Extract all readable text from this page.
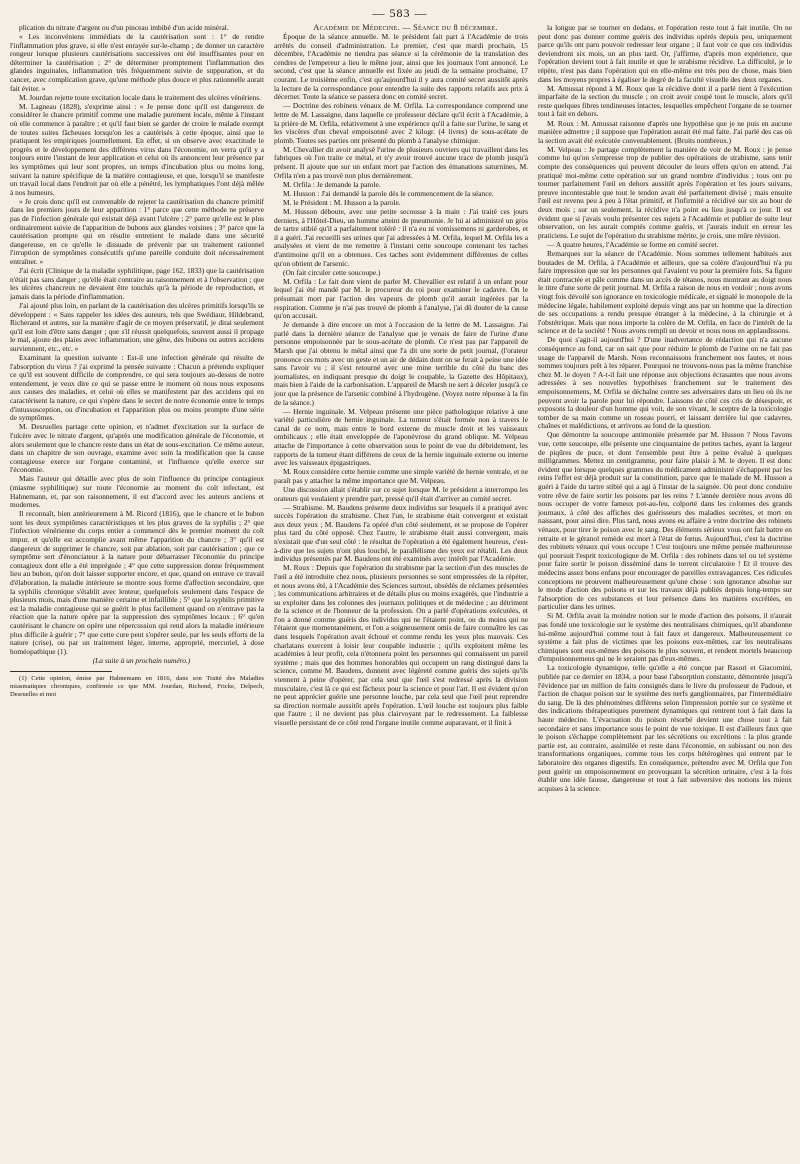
— 583 —

plication du nitrate d'argent ou d'un pinceau imbibé d'un acide minéral.

« Les inconvéniens immédiats de la cautérisation sont : 1° de rendre l'inflammation plus grave, si elle n'est enrayée sur-le-champ ; de donner un caractère rongeur lorsque plusieurs cautérisations successives ont été insuffisantes pour en déterminer la cautérisation ; 2° de déterminer promptement l'inflammation des glandes inguinales, inflammation très fréquemment suivie de suppuration, et du cancer, avec complication grave, qu'une méthode plus douce et plus rationnelle aurait fait éviter. »

M. Jourdan rejette toute excitation locale dans le traitement des ulcères vénériens.

M. Lagneau (1828), s'exprime ainsi : « Je pense donc qu'il est dangereux de considérer le chancre primitif comme une maladie purement locale, même à l'instant où elle commence à paraître ; et qu'il faut bien se garder de croire le malade exempt de toutes suites fâcheuses lorsqu'on les a cautérisés à cette époque, ainsi que le pratiquent les empiriques journellement. En effet, si on observe avec exactitude le progrès et le développement des différens virus dans l'économie, on verra qu'il y a toujours entre l'instant de leur application et celui où ils annoncent leur présence par les symptômes qui leur sont propres, un temps d'incubation plus ou moins long, suivant la nature spécifique de la matière contagieuse, et que, lorsqu'il se manifeste un travail local dans l'endroit par où elle a pénétré, les lymphatiques l'ont déjà mêlée à nos humeurs.

» Je crois donc qu'il est convenable de rejeter la cautérisation du chancre primitif dans les premiers jours de leur apparition : 1° parce que cette méthode ne préserve pas de l'infection générale qui existait déjà avant l'ulcère ; 2° parce qu'elle est le plus ordinairement suivie de l'apparition de bubons aux glandes voisines ; 3° parce que la cautérisation prompte qui en résulte entretient le malade dans une sécurité dangereuse, en ce qu'elle le dissuade de prévenir par un traitement rationnel l'irruption de symptômes consécutifs qu'une pareille conduite doit nécessairement entraîner. »

J'ai écrit (Clinique de la maladie syphilitique, page 162, 1833) que la cautérisation n'était pas sans danger ; qu'elle était contraire au raisonnement et à l'observation ; que les ulcères chancreux ne devaient être touchés qu'à la période de reproduction, et jamais dans la période d'inflammation.

J'ai ajouté plus loin, en parlant de la cautérisation des ulcères primitifs lorsqu'ils se développent : « Sans rappeler les idées des auteurs, tels que Swédiaur, Hildebrand, Richerand et autres, sur la manière d'agir de ce moyen préservatif, je dirai seulement qu'il est loin d'être sans danger ; que s'il réussit quelquefois, souvent aussi il propage le mal, ajoute des plaies avec inflammation, une gêne, des bubons ou autres accidens surviennent, etc., etc. »

Examinant la question suivante : Est-il une infection générale qui résulte de l'absorption du virus ? j'ai exprimé la pensée suivante : Chacun a prétendu expliquer ce qu'il est souvent difficile de comprendre, ce qui sera toujours au-dessus de notre entendement, je veux dire ce qui se passe entre le moment où nous nous exposons aux causes des maladies, et celui où elles se manifestent par des accidens qui en caractérisent la nature, ce qui s'opère dans le secret de notre économie entre le temps d'intussusception, ou d'incubation et l'apparition plus ou moins prompte d'une série de symptômes.

M. Desruelles partage cette opinion, et n'admet d'excitation sur la surface de l'ulcère avec le nitrate d'argent, qu'après une modification générale de l'économie, et alors seulement que le chancre reste dans un état de sous-excitation. Ce même auteur, dans un chapitre de son ouvrage, examine avec soin la modification que la cause contagieuse exerce sur l'organe contaminé, et l'influence qu'elle exerce sur l'économie.

Mais l'auteur qui détaille avec plus de soin l'influence du principe contagieux (miasme syphilitique) sur toute l'économie au moment du coït infectant, est Hahnemann, et, par son raisonnement, il est d'accord avec les auteurs anciens et modernes.

Il reconnaît, bien antérieurement à M. Ricord (1816), que le chancre et le bubon sont les deux symptômes caractéristiques et les plus graves de la syphilis ; 2° que l'infection vénérienne du corps entier a commencé dès le premier moment du coït impur, et qu'elle est accomplie avant même l'apparition du chancre ; 3° qu'il est dangereux de supprimer le chancre, soit par ablation, soit par cautérisation ; que ce symptôme sert d'énonciateur à la nature pour débarrasser l'économie du principe contagieux dont elle a été imprégnée ; 4° que cette suppression donne fréquemment lieu au bubon, qu'on doit laisser supporter encore, et que, quand on entrave ce travail d'élaboration, la maladie intérieure se montre sous forme d'affection secondaire, que la syphilis chronique s'établit avec lenteur, quelquefois seulement dans l'espace de plusieurs mois, mais d'une manière certaine et infaillible ; 5° que la syphilis primitive est la maladie contagieuse qui se guérit le plus facilement quand on n'entrave pas la réaction que la nature opère par la suppression des symptômes locaux ; 6° qu'en cautérisant le chancre on opère une répercussion qui rend alors la maladie intérieure plus difficile à guérir ; 7° que cette cure peut s'opérer seule, par les seuls efforts de la nature (crise), ou par un traitement léger, interne, approprié, mercuriel, à dose homéopathique (1).

(La suite à un prochain numéro.)

(1) Cette opinion, émise par Hahnemann en 1816, dans son Traité des Maladies miasmatiques chroniques, confirmée ce que MM. Jourdan, Richond, Fricke, Delpech, Desruelles et moi

Académie de Médecine. — Séance du 8 décembre.

Époque de la séance annuelle. M. le président fait part à l'Académie de trois arrêtés du conseil d'administration. Le premier, c'est que mardi prochain, 15 décembre, l'Académie ne tiendra pas séance si la cérémonie de la translation des cendres de l'empereur a lieu le même jour, ainsi que les journaux l'ont annoncé. Le second, c'est que la séance annuelle est fixée au jeudi de la semaine prochaine, 17 courant. Le troisième enfin, c'est qu'aujourd'hui il y aura comité secret aussitôt après la lecture de la correspondance pour entendre la suite des rapports relatifs aux prix à décerner. Toute la séance se passera donc en comité secret.

— Doctrine des robinets vénaux de M. Orfila. La correspondance comprend une lettre de M. Lassaigne, dans laquelle ce professeur déclare qu'il écrit à l'Académie, à la prière de M. Orfila, relativement à une expérience qu'il a faite sur l'urine, le sang et les viscères d'un cheval empoisonné avec 2 kilogr. (4 livres) de sous-acétate de plomb. Toutes ses parties ont présenté du plomb à l'analyse chimique.

M. Chevallier dit avoir analysé l'urine de plusieurs ouvriers qui travaillent dans les fabriques où l'on traite ce métal, et n'y avoir trouvé aucune trace de plomb jusqu'à présent. Il ajoute que sur un enfant mort par l'action des émanations saturnines, M. Orfila n'en a pas trouvé non plus dernièrement.

M. Orfila : Je demande la parole.

M. Husson : J'ai demandé la parole dès le commencement de la séance.

M. le Président : M. Husson a la parole.

M. Husson déboute, avec une petite secousse à la main : J'ai traité ces jours derniers, à l'Hôtel-Dieu, un homme atteint de pneumonie. Je lui ai administré un gros de tartre stibié qu'il a parfaitement toléré : il n'a eu ni vomissemens ni garderobes, et il a guéri. J'ai recueilli ses urines que j'ai adressées à M. Orfila, lequel M. Orfila les a analysées et vient de me remettre à l'instant cette soucoupe contenant les taches d'antimoine qu'il en a obtenues. Ces taches sont évidemment différentes de celles qu'on obtient de l'arsenic.

(On fait circuler cette soucoupe.)

M. Orfila : Le fait dont vient de parler M. Chevallier est relatif à un enfant pour lequel j'ai été mandé par M. le procureur du roi pour examiner le cadavre. On le présumait mort par l'action des vapeurs de plomb qu'il aurait ingérées par la respiration. Comme je n'ai pas trouvé de plomb à l'analyse, j'ai dû douter de la cause qu'on accusait.

Je demande à dire encore un mot à l'occasion de la lettre de M. Lassaigne. J'ai parlé dans la dernière séance de l'analyse que je venais de faire de l'urine d'une personne empoisonnée par le sous-acétate de plomb. Ce n'est pas par l'appareil de Marsh que j'ai obtenu le métal ainsi que l'a dit une sorte de petit journal, (l'orateur prononce ces mots avec un geste et un air de dédain dont on se ferait à peine une idée sans l'avoir vu ; il s'est retourné avec une mine terrible du côté du banc des journalistes, en indiquant presque du doigt le coupable, la Gazette des Hôpitaux), mais bien à l'aide de la carbonisation. L'appareil de Marsh ne sert à déceler jusqu'à ce jour que la présence de l'arsenic combiné à l'hydrogène. (Voyez notre réponse à la fin de la séance.)

— Hernie inguinale. M. Velpeau présente une pièce pathologique relative à une variété particulière de hernie inguinale. La tumeur s'était formée non à travers le canal de ce nom, mais entre le bord externe du muscle droit et les vaisseaux ombilicaux ; elle était enveloppée de l'aponévrose du grand oblique. M. Velpeau attache de l'importance à cette observation sous le point de vue du débridement, les rapports de la tumeur étant différens de ceux de la hernie inguinale externe ou interne avec les vaisseaux épigastriques.

M. Roux considère cette hernie comme une simple variété de hernie ventrale, et ne paraît pas y attacher la même importance que M. Velpeau.

Une discussion allait s'établir sur ce sujet lorsque M. le président a interrompu les orateurs qui voulaient y prendre part, pressé qu'il était d'arriver au comité secret.

— Strabisme. M. Baudens présente deux individus sur lesquels il a pratiqué avec succès l'opération du strabisme. Chez l'un, le strabisme était convergent et existait aux deux yeux ; M. Baudens l'a opéré d'un côté seulement, et se propose de l'opérer plus tard du côté opposé. Chez l'autre, le strabisme était aussi convergent, mais n'existait que d'un seul côté : le résultat de l'opération a été également heureux, c'est-à-dire que les sujets n'ont plus louché, le parallélisme des yeux est rétabli. Les deux individus présentés par M. Baudens ont été examinés avec intérêt par l'Académie.

M. Roux : Depuis que l'opération du strabisme par la section d'un des muscles de l'œil a été introduite chez nous, plusieurs personnes se sont empressées de la répéter, et nous avons été, à l'Académie des Sciences surtout, obsédés de réclames présentées ; les communications arbitraires et de détails plus ou moins exagérés, que l'industrie a su exploiter dans les colonnes des journaux politiques et de médecine ; au détriment de la science et de l'honneur de la profession. On a parlé d'opérations exécutées, et l'on a donné comme guéris des individus qui ne l'étaient point, ou du moins qui ne l'étaient que momentanément, et l'on a soigneusement omis de faire connaître les cas dans lesquels l'opération avait échoué et comme rendu les yeux plus mauvais. Ces charlatans exercent à loisir leur coupable industrie ; qu'ils exploitent même les académies à leur profit, cela n'étonnera point les personnes qui connaissent un pareil système ; mais que des hommes honorables qui occupent un rang distingué dans la science, comme M. Baudens, donnent avec légèreté comme guéris des sujets qu'ils viennent à peine d'opérer, par cela seul que l'œil s'est redressé après la division musculaire, c'est là ce qui est fâcheux pour la science et pour l'art. Il est évident qu'on ne peut apprécier guérie une personne louche, par cela seul que l'œil peut reprendre sa direction normale aussitôt après l'opération. L'œil louche est toujours plus faible que l'autre ; il ne devient pas plus clairvoyant par le redressement. La faiblesse visuelle persistant de ce côté rend l'organe inutile comme auparavant, et il finit à

la longue par se tourner en dedans, et l'opération reste tout à fait inutile. On ne peut donc pas donner comme guéris des individus opérés depuis peu, uniquement parce qu'ils ont paru pouvoir redresser leur organe ; il faut voir ce que ces individus deviendront six mois, un an plus tard. Or, j'affirme, d'après mon expérience, que l'opération devient tout à fait inutile et que le strabisme récidive. La difficulté, je le répète, n'est pas dans l'opération qui en elle-même est très peu de chose, mais bien dans les moyens propres à égaliser le degré de la faculté visuelle des deux organes.

M. Amussat répond à M. Roux que la récidive dont il a parlé tient à l'exécution imparfaite de la section du muscle ; on croit avoir coupé tout le muscle, alors qu'il reste quelques fibres tendineuses intactes, lesquelles empêchent l'organe de se tourner tout à fait en dehors.

M. Roux : M. Amussat raisonne d'après une hypothèse que je ne puis en aucune manière admettre ; il suppose que l'opération aurait été mal faite. J'ai parlé des cas où la section avait été exécutée convenablement. (Bruits nombreux.)

M. Velpeau : Je partage complètement la manière de voir de M. Roux : je pense comme lui qu'on s'empresse trop de publier des opérations de strabisme, sans tenir compte des conséquences qui peuvent découler de leurs effets qu'on en attend. J'ai pratiqué moi-même cette opération sur un grand nombre d'individus ; tous ont pu tourner parfaitement l'œil en dehors aussitôt après l'opération et les jours suivans, preuve incontestable que tout le tendon avait été parfaitement divisé ; mais ensuite l'œil est revenu peu à peu à l'état primitif, et l'infirmité a récidivé sur six au bout de deux mois ; sur un seulement, la récidive n'a point eu lieu jusqu'à ce jour. Il est évident que si j'avais voulu présenter ces sujets à l'Académie et publier de suite leur observation, on les aurait comptés comme guéris, et j'aurais induit en erreur les praticiens. Le sujet de l'opération du strabisme mérite, je crois, une mûre révision.

— A quatre heures, l'Académie se forme en comité secret.

Remarques sur la séance de l'Académie. Nous sommes tellement habitués aux boutades de M. Orfila, à l'Académie et ailleurs, que sa colère d'aujourd'hui n'a pu faire impression que sur les personnes qui l'avaient vu pour la première fois. Sa figure était contractée et pâle comme dans un accès de tétanos, nous montrant au doigt nous le titre d'une sorte de petit journal. M. Orfila a raison de nous en vouloir ; nous avons vingt fois dévoilé son ignorance en toxicologie médicale, et signalé le monopole de la médecine légale, habilement exploité depuis vingt ans par un homme que la direction de ses occupations a rendu presque étranger à la médecine, à la chirurgie et à l'obstétrique. Mais que nous importe la colère de M. Orfila, en face de l'intérêt de la science et de la société ! Nous avons rempli un devoir et nous nous en applaudissons.

De quoi s'agit-il aujourd'hui ? D'une inadvertance de rédaction qui n'a aucune conséquence au fond, car on sait que pour réduire le plomb de l'urine on ne fait pas usage de l'appareil de Marsh. Nous reconnaissons franchement nos fautes, et nous sommes toujours prêt à les réparer. Pourquoi ne trouvons-nous pas la même franchise chez M. le doyen ? A-t-il fait une réponse aux objections écrasantes que nous avons adressées à ses nouvelles hypothèses franchement sur le traitement des empoisonnemens, M. Orfila se déchaîne contre ses adversaires dans un lieu où ils ne peuvent avoir la parole pour lui répondre. Laissons de côté ces cris de désespoir, et exposons la douleur d'un homme qui voit, de son vivant, le sceptre de la toxicologie tomber de sa main comme un roseau pourri, et laissant derrière lui que cadavres, chaînes et malédictions, et arrivons au fond de la question.

Que démontre la soucoupe antimoniée présentée par M. Husson ? Nous l'avons vue, cette soucoupe, elle présente une cinquantaine de petites taches, ayant la largeur de piqûres de puce, et dont l'ensemble peut être à peine évalué à quelques milligrammes. Mettez un centigramme, pour faire plaisir à M. le doyen. Il est donc évident que lorsque quelques grammes du médicament administré s'échappent par les reins l'effet est déjà produit sur la constitution, parce que le malade de M. Husson a guéri à l'aide du tartre stibié qui a agi à l'instar de la saignée. Où peut donc conduire votre rêve de faire sortir les poisons par les reins ? L'année dernière nous avons dû nous occuper de votre fameux pot-au-feu, colporté dans les colonnes des grands journaux, à côté des affiches des guérisseurs des maladies secrètes, et mort en naissant, pour ainsi dire. Plus tard, nous avons eu affaire à votre doctrine des robinets vénaux, pour tirer le poison avec le sang. Des éléments sérieux vous ont fait battre en retraite et le géranol remède est mort à l'état de fœtus. Aujourd'hui, c'est la doctrine des robinets vénaux qui vous occupe ! C'est toujours une même pensée malheureuse qui poursuit l'esprit toxicologique de M. Orfila : des robinets dans tel ou tel système pour faire sortir le poison disséminé dans le torrent circulatoire ! Et il trouve des médecins assez bons enfans pour encourager de pareilles extravagances. Ces ridicules conceptions ne prouvent malheureusement qu'une chose : son ignorance absolue sur le mode d'action des poisons et sur les travaux déjà publiés depuis long-temps sur l'absorption de ces substances et leur présence dans les matières excrétées, en particulier dans les urines.

Si M. Orfila avait la moindre notion sur le mode d'action des poisons, il n'aurait pas fondé une toxicologie sur le système des neutralisans chimiques, qu'il abandonne lui-même aujourd'hui comme tout à fait faux et dangereux. Malheureusement ce système a fait plus de victimes que les poisons eux-mêmes, car les neutralisans chimiques sont eux-mêmes des poisons le plus souvent, et rendent mortels beaucoup d'empoisonnemens qui ne le seraient pas d'eux-mêmes.

La toxicologie dynamique, telle qu'elle a été conçue par Rasori et Giacomini, publiée par ce dernier en 1834, a pour base l'absorption constante, démontrée jusqu'à l'évidence par un million de faits consignés dans le livre du professeur de Padoue, et l'action de chaque poison sur le système des nerfs ganglionnaires, par l'intermédiaire du sang. De là des phénomènes différens selon l'impression portée sur ce système et des indications thérapeutiques purement dynamiques qui rentrent tout à fait dans la haute médecine. L'évacuation du poison résorbé devient une chose tout à fait secondaire et sans importance sous le point de vue toxique. Il est d'ailleurs faux que le poison s'échappe complètement par les sécrétions ou excrétions : la plus grande partie est, au contraire, assimilée et reste dans l'économie, en subissant ou non des transformations organiques, comme tous les corps hétérogènes qui entrent par le laboratoire des organes digestifs. En conséquence, prétendre avec M. Orfila que l'on peut guérir un empoisonnement en provoquant la sécrétion urinaire, c'est à la fois établir une idée fausse, dangereuse et tout à fait subversive des notions les mieux acquises à la science.
